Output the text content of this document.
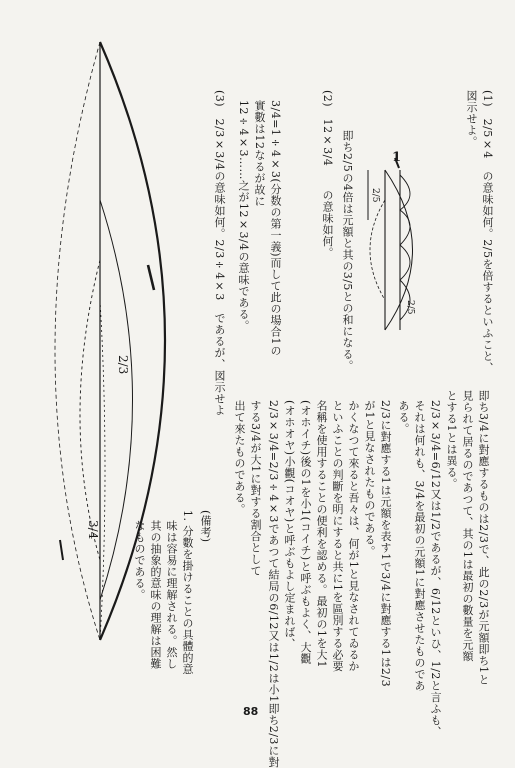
1
2/5
2/5
3/4
2/3	(1)　2/5×4　の意味如何。2/5を倍するといふこと、
図示せよ。
即ち2/5の4倍は元額と其の3/5との和になる。
(2)　12×3/4　　の意味如何。
3/4=1÷4×3(分数の第一義)而して此の場合1の
實數は12なるが故に
12÷4×3……之が12×3/4の意味である。
(3)　2/3×3/4の意味如何。2/3÷4×3　であるが、図示せよ
即ち3/4に對應するものは2/3で、此の2/3が元額即ち1と
見られて居るのであつて、其の1は最初の數量を元額
とする1とは異る。
2/3×3/4=6/12又は1/2であるが、6/12といひ、1/2と言ふも、
それは何れも、3/4を最初の元額1に對應させたものであ
ある。
2/3に對應する1は元額を表す1で3/4に對應する1は2/3
が1と見なされたものである。
かくなつて來ると吾々は、何が1と見なされてゐるか
といふことの判斷を明にすると共に1を區別する必要
名稱を使用することの便利を認める。最初の1を大1
(オホイチ)後の1を小1(コイチ)と呼ぶもよく、大觀
(オホオヤ)小觀(コオヤ)と呼ぶもよし定まれば、
2/3×3/4=2/3÷4×3であつて結局の6/12又は1/2は小1即ち2/3に對
する3/4が大1に對する割合として
出て來たものである。
(備考)
1. 分數を掛けることの具體的意
味は容易に理解される。然し
其の抽象的意味の理解は困難
なものである。
88
